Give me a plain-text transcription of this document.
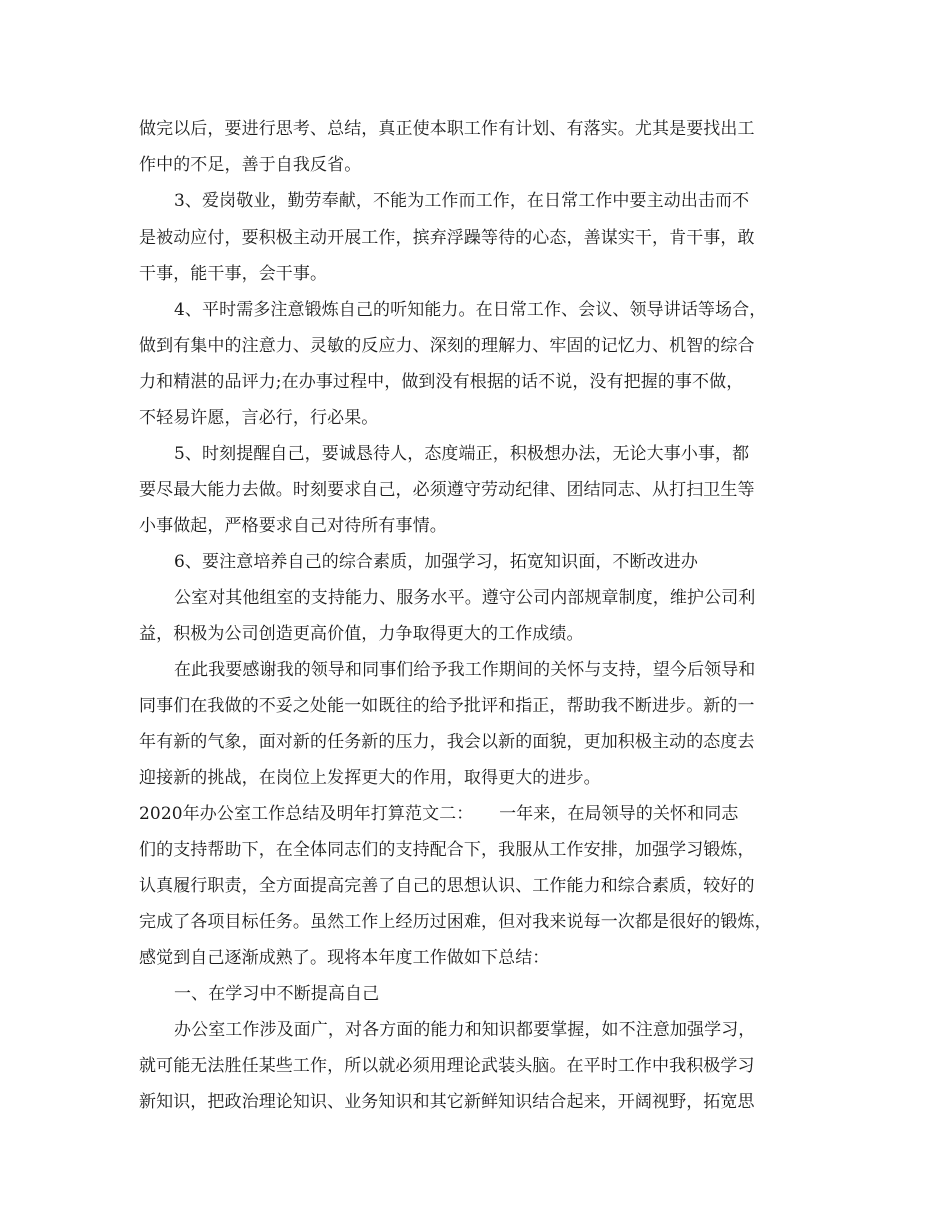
做完以后，要进行思考、总结，真正使本职工作有计划、有落实。尤其是要找出工
作中的不足，善于自我反省。
3、爱岗敬业，勤劳奉献，不能为工作而工作，在日常工作中要主动出击而不
是被动应付，要积极主动开展工作，摈弃浮躁等待的心态，善谋实干，肯干事，敢
干事，能干事，会干事。
4、平时需多注意锻炼自己的听知能力。在日常工作、会议、领导讲话等场合，
做到有集中的注意力、灵敏的反应力、深刻的理解力、牢固的记忆力、机智的综合
力和精湛的品评力;在办事过程中，做到没有根据的话不说，没有把握的事不做，
不轻易许愿，言必行，行必果。
5、时刻提醒自己，要诚恳待人，态度端正，积极想办法，无论大事小事，都
要尽最大能力去做。时刻要求自己，必须遵守劳动纪律、团结同志、从打扫卫生等
小事做起，严格要求自己对待所有事情。
6、要注意培养自己的综合素质，加强学习，拓宽知识面，不断改进办
公室对其他组室的支持能力、服务水平。遵守公司内部规章制度，维护公司利
益，积极为公司创造更高价值，力争取得更大的工作成绩。
在此我要感谢我的领导和同事们给予我工作期间的关怀与支持，望今后领导和
同事们在我做的不妥之处能一如既往的给予批评和指正，帮助我不断进步。新的一
年有新的气象，面对新的任务新的压力，我会以新的面貌，更加积极主动的态度去
迎接新的挑战，在岗位上发挥更大的作用，取得更大的进步。
2020年办公室工作总结及明年打算范文二：　　一年来，在局领导的关怀和同志
们的支持帮助下，在全体同志们的支持配合下，我服从工作安排，加强学习锻炼，
认真履行职责，全方面提高完善了自己的思想认识、工作能力和综合素质，较好的
完成了各项目标任务。虽然工作上经历过困难，但对我来说每一次都是很好的锻炼，
感觉到自己逐渐成熟了。现将本年度工作做如下总结：
一、在学习中不断提高自己
办公室工作涉及面广，对各方面的能力和知识都要掌握，如不注意加强学习，
就可能无法胜任某些工作，所以就必须用理论武装头脑。在平时工作中我积极学习
新知识，把政治理论知识、业务知识和其它新鲜知识结合起来，开阔视野，拓宽思
